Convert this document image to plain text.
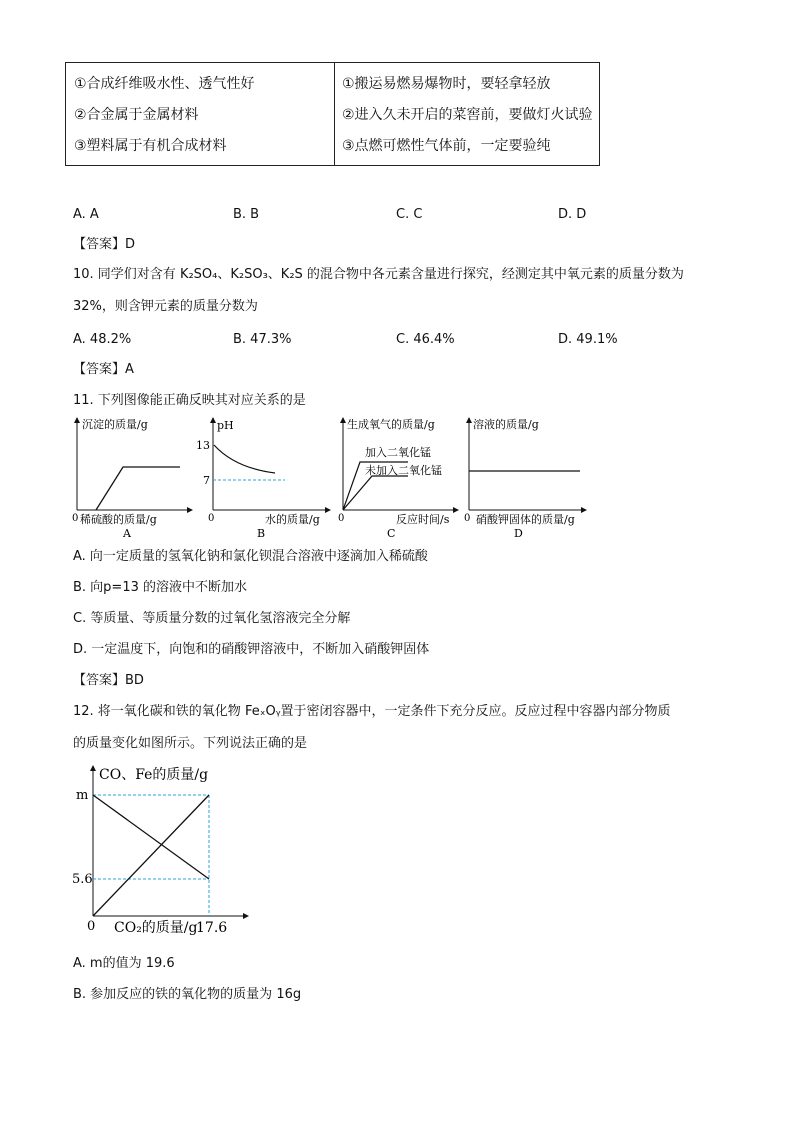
①合成纤维吸水性、透气性好
②合金属于金属材料
③塑料属于有机合成材料
①搬运易燃易爆物时，要轻拿轻放
②进入久未开启的菜窖前，要做灯火试验
③点燃可燃性气体前，一定要验纯
A. A	B. B	C. C	D. D
【答案】D
10. 同学们对含有 K₂SO₄、K₂SO₃、K₂S 的混合物中各元素含量进行探究，经测定其中氧元素的质量分数为
32%，则含钾元素的质量分数为
A. 48.2%	B. 47.3%	C. 46.4%	D. 49.1%
【答案】A
11. 下列图像能正确反映其对应关系的是
沉淀的质量/g
0 稀硫酸的质量/g
A
pH
13
7
0	水的质量/g
B
生成氧气的质量/g
加入二氧化锰
未加入二氧化锰
0	反应时间/s
C
溶液的质量/g
0 硝酸钾固体的质量/g
D
A. 向一定质量的氢氧化钠和氯化钡混合溶液中逐滴加入稀硫酸
B. 向p=13 的溶液中不断加水
C. 等质量、等质量分数的过氧化氢溶液完全分解
D. 一定温度下，向饱和的硝酸钾溶液中，不断加入硝酸钾固体
【答案】BD
12. 将一氧化碳和铁的氧化物 FeₓOᵧ置于密闭容器中，一定条件下充分反应。反应过程中容器内部分物质
的质量变化如图所示。下列说法正确的是
CO、Fe的质量/g
m
5.6
0 CO₂的质量/g
17.6
A. m的值为 19.6
B. 参加反应的铁的氧化物的质量为 16g
